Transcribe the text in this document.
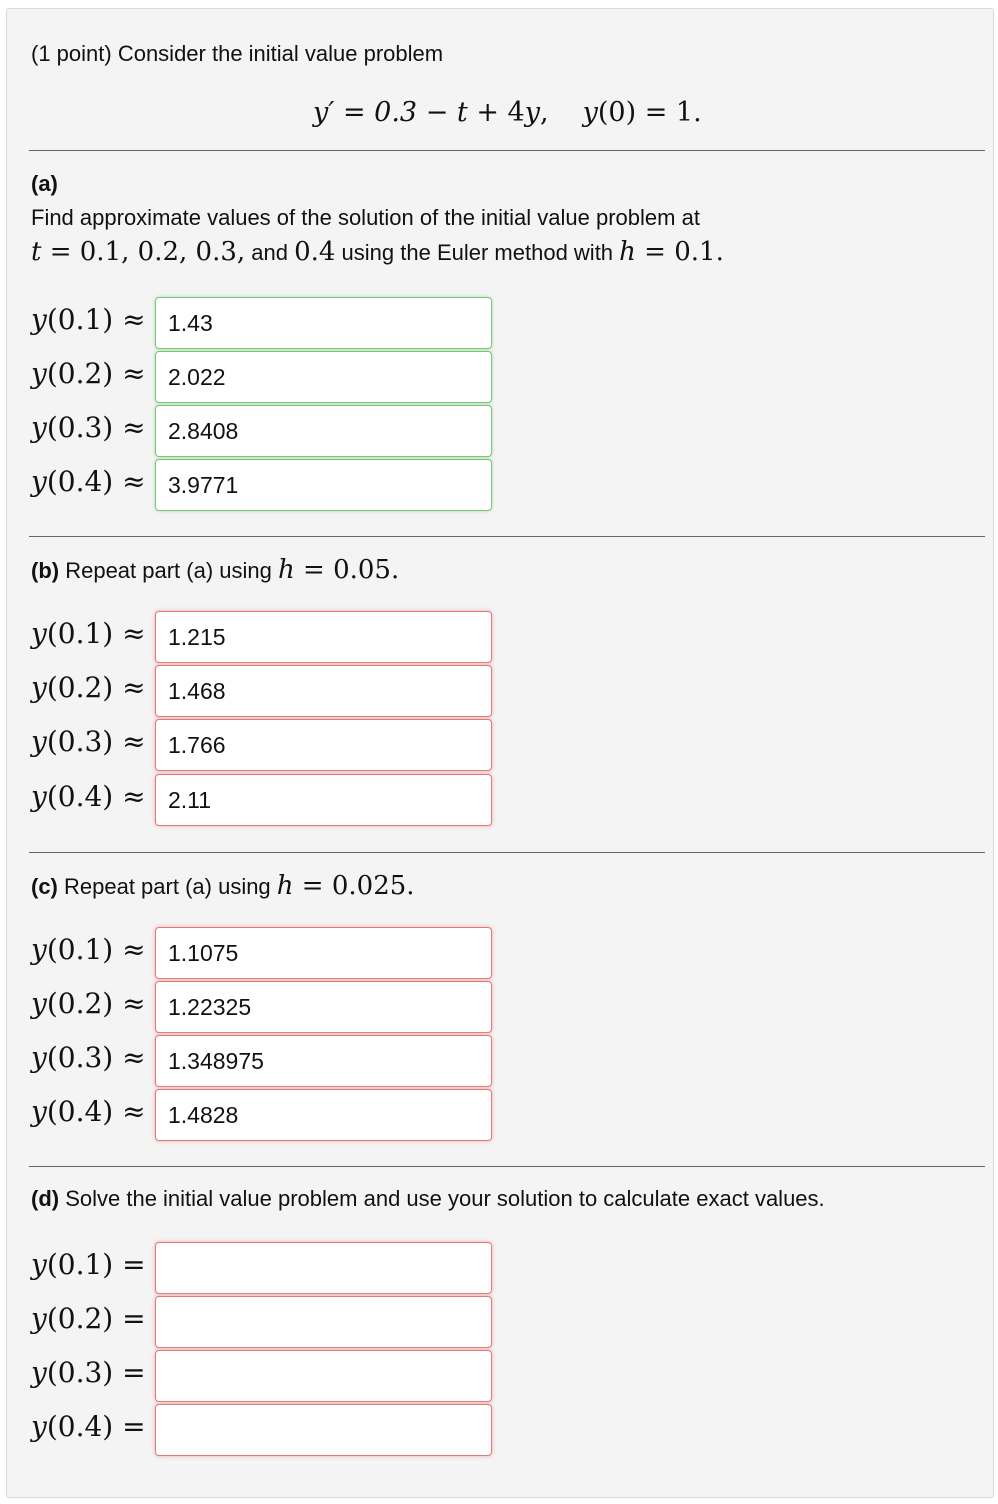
(1 point) Consider the initial value problem
y′ = 0.3 − t + 4y, y(0) = 1.
(a)
Find approximate values of the solution of the initial value problem at
t = 0.1, 0.2, 0.3, and 0.4 using the Euler method with h = 0.1.
y(0.1) ≈
1.43
y(0.2) ≈
2.022
y(0.3) ≈
2.8408
y(0.4) ≈
3.9771
(b) Repeat part (a) using h = 0.05.
y(0.1) ≈
1.215
y(0.2) ≈
1.468
y(0.3) ≈
1.766
y(0.4) ≈
2.11
(c) Repeat part (a) using h = 0.025.
y(0.1) ≈
1.1075
y(0.2) ≈
1.22325
y(0.3) ≈
1.348975
y(0.4) ≈
1.4828
(d) Solve the initial value problem and use your solution to calculate exact values.
y(0.1) =
y(0.2) =
y(0.3) =
y(0.4) =
